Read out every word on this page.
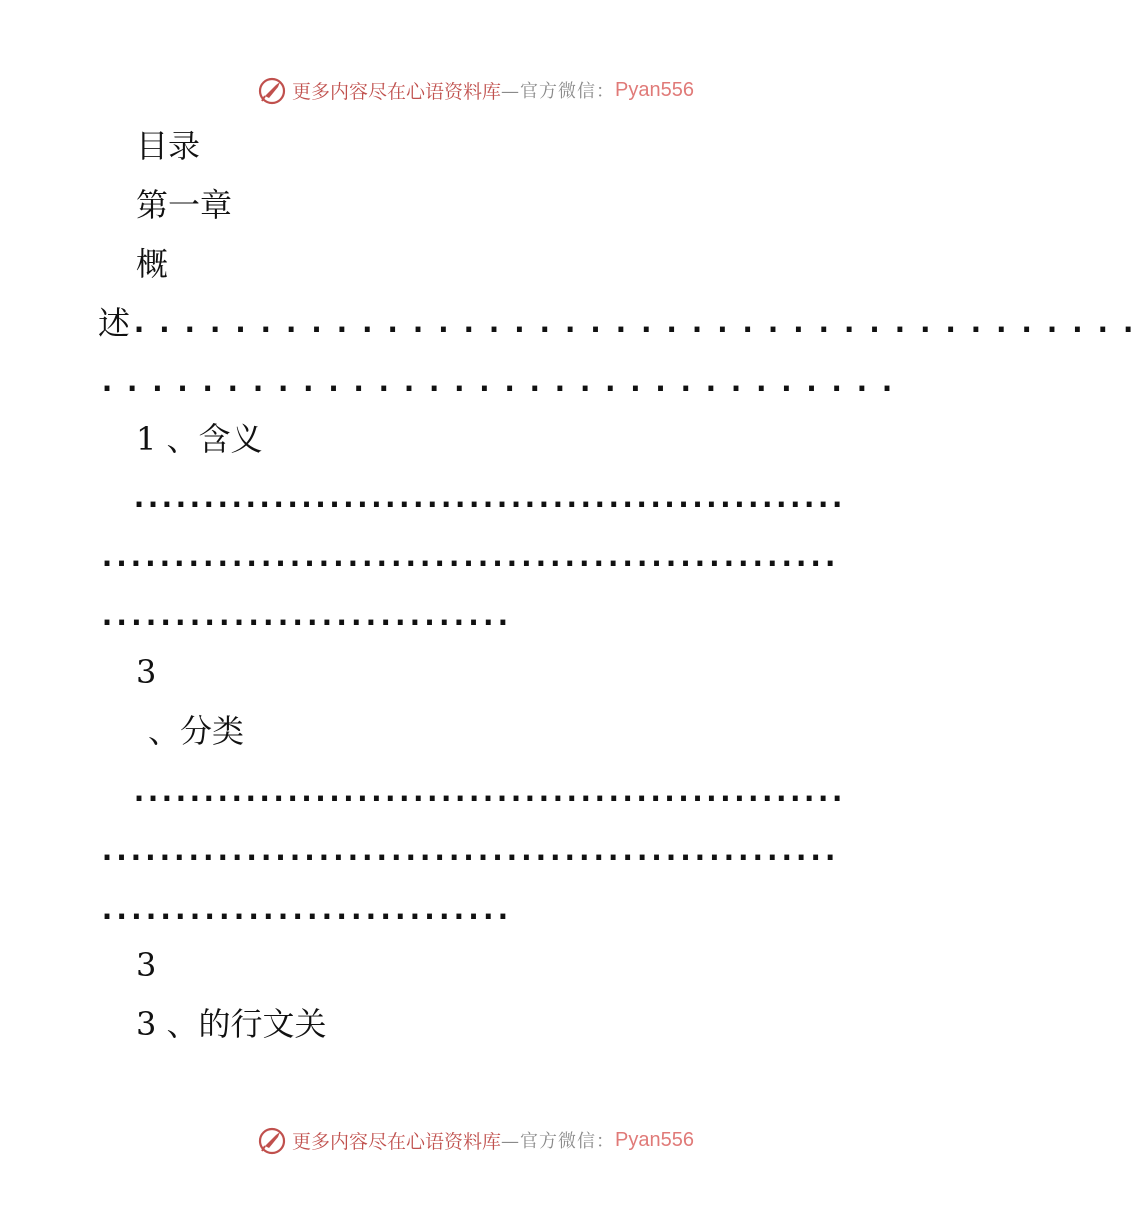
更多内容尽在心语资料库 —官方微信： Pyan556
目录
第一章
概
述 ........................................
................................
1 、含义
...................................................
...................................................
............................
3
、分类
...................................................
...................................................
............................
3
3 、的行文关
更多内容尽在心语资料库 —官方微信： Pyan556
